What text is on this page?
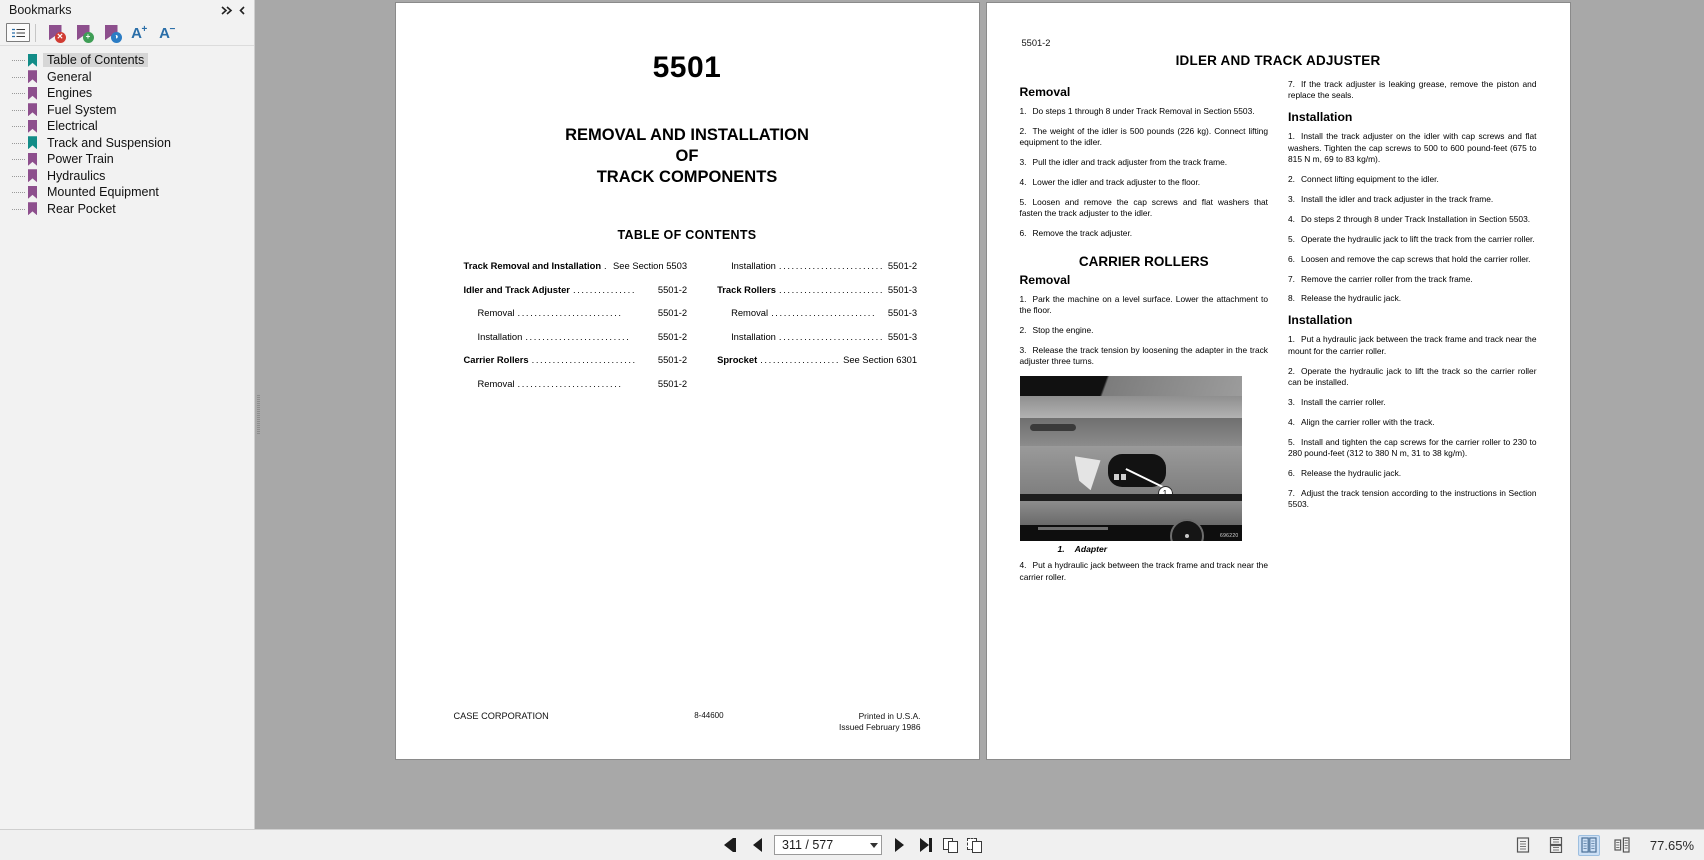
Bookmarks
✕	+	◑ A+ A−
Table of Contents
General
Engines
Fuel System
Electrical
Track and Suspension
Power Train
Hydraulics
Mounted Equipment
Rear Pocket
5501
REMOVAL AND INSTALLATION
OF
TRACK COMPONENTS
TABLE OF CONTENTS
Track Removal and Installation . See Section 5503
Idler and Track Adjuster ...............	5501-2
Removal .........................	5501-2
Installation .........................	5501-2
Carrier Rollers .........................	5501-2
Removal .........................	5501-2
Installation ......................... 5501-2
Track Rollers ......................... 5501-3
Removal .........................	5501-3
Installation ......................... 5501-3
Sprocket ................... See Section 6301
CASE CORPORATION	8-44600	Printed in U.S.A.
Issued February 1986
5501-2
IDLER AND TRACK ADJUSTER
Removal
1. Do steps 1 through 8 under Track Removal in Section 5503.
2. The weight of the idler is 500 pounds (226 kg). Connect lifting equipment to the idler.
3. Pull the idler and track adjuster from the track frame.
4. Lower the idler and track adjuster to the floor.
5. Loosen and remove the cap screws and flat washers that fasten the track adjuster to the idler.
6. Remove the track adjuster.
CARRIER ROLLERS
Removal
1. Park the machine on a level surface. Lower the attachment to the floor.
2. Stop the engine.
3. Release the track tension by loosening the adapter in the track adjuster three turns.
696220
1. Adapter
4. Put a hydraulic jack between the track frame and track near the carrier roller.
7. If the track adjuster is leaking grease, remove the piston and replace the seals.
Installation
1. Install the track adjuster on the idler with cap screws and flat washers. Tighten the cap screws to 500 to 600 pound-feet (675 to 815 N m, 69 to 83 kg/m).
2. Connect lifting equipment to the idler.
3. Install the idler and track adjuster in the track frame.
4. Do steps 2 through 8 under Track Installation in Section 5503.
5. Operate the hydraulic jack to lift the track from the carrier roller.
6. Loosen and remove the cap screws that hold the carrier roller.
7. Remove the carrier roller from the track frame.
8. Release the hydraulic jack.
Installation
1. Put a hydraulic jack between the track frame and track near the mount for the carrier roller.
2. Operate the hydraulic jack to lift the track so the carrier roller can be installed.
3. Install the carrier roller.
4. Align the carrier roller with the track.
5. Install and tighten the cap screws for the carrier roller to 230 to 280 pound-feet (312 to 380 N m, 31 to 38 kg/m).
6. Release the hydraulic jack.
7. Adjust the track tension according to the instructions in Section 5503.
311 / 577	77.65%
